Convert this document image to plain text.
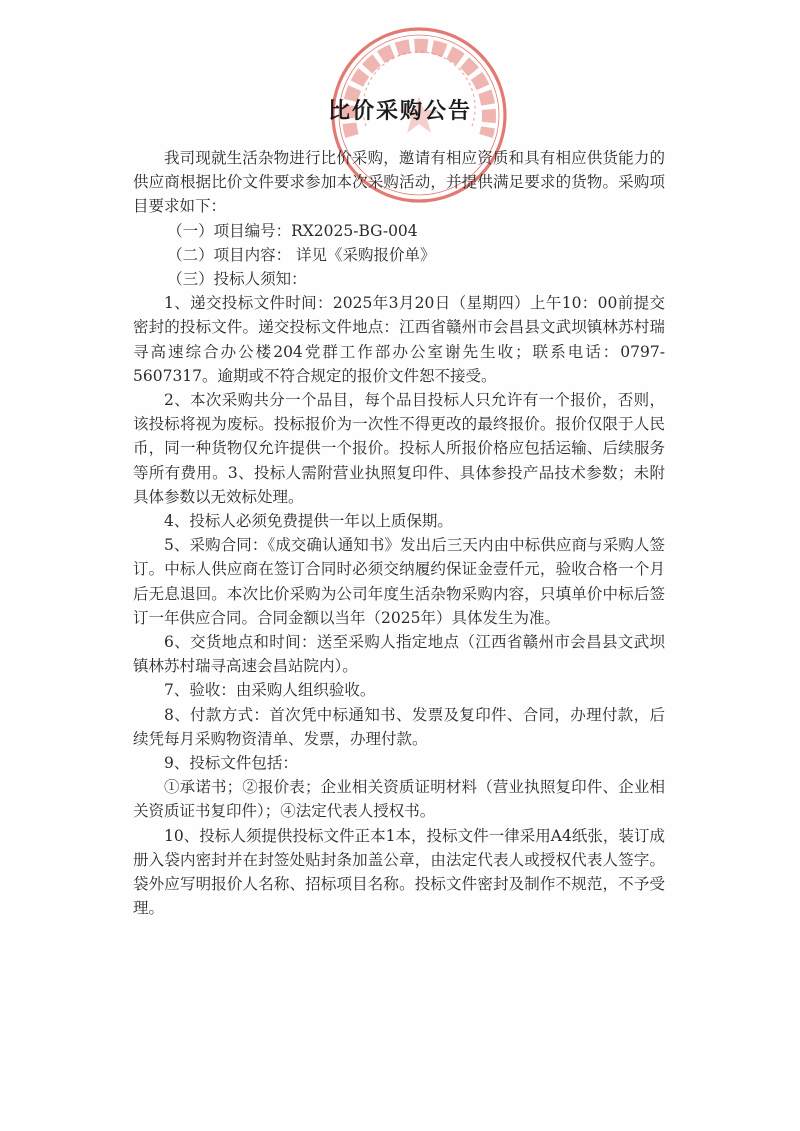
比价采购公告

我司现就生活杂物进行比价采购，邀请有相应资质和具有相应供货能力的供应商根据比价文件要求参加本次采购活动，并提供满足要求的货物。采购项目要求如下：

（一）项目编号：RX2025-BG-004

（二）项目内容： 详见《采购报价单》

（三）投标人须知：

1、递交投标文件时间：2025年3月20日（星期四）上午10：00前提交密封的投标文件。递交投标文件地点：江西省赣州市会昌县文武坝镇林苏村瑞寻高速综合办公楼204党群工作部办公室谢先生收；联系电话：0797-5607317。逾期或不符合规定的报价文件恕不接受。

2、本次采购共分一个品目，每个品目投标人只允许有一个报价，否则，该投标将视为废标。投标报价为一次性不得更改的最终报价。报价仅限于人民币，同一种货物仅允许提供一个报价。投标人所报价格应包括运输、后续服务等所有费用。3、投标人需附营业执照复印件、具体参投产品技术参数；未附具体参数以无效标处理。

4、投标人必须免费提供一年以上质保期。

5、采购合同：《成交确认通知书》发出后三天内由中标供应商与采购人签订。中标人供应商在签订合同时必须交纳履约保证金壹仟元，验收合格一个月后无息退回。本次比价采购为公司年度生活杂物采购内容，只填单价中标后签订一年供应合同。合同金额以当年（2025年）具体发生为准。

6、交货地点和时间：送至采购人指定地点（江西省赣州市会昌县文武坝镇林苏村瑞寻高速会昌站院内）。

7、验收：由采购人组织验收。

8、付款方式：首次凭中标通知书、发票及复印件、合同，办理付款，后续凭每月采购物资清单、发票，办理付款。

9、投标文件包括：

①承诺书；②报价表；企业相关资质证明材料（营业执照复印件、企业相关资质证书复印件）；④法定代表人授权书。

10、投标人须提供投标文件正本1本，投标文件一律采用A4纸张，装订成册入袋内密封并在封签处贴封条加盖公章，由法定代表人或授权代表人签字。袋外应写明报价人名称、招标项目名称。投标文件密封及制作不规范，不予受理。
